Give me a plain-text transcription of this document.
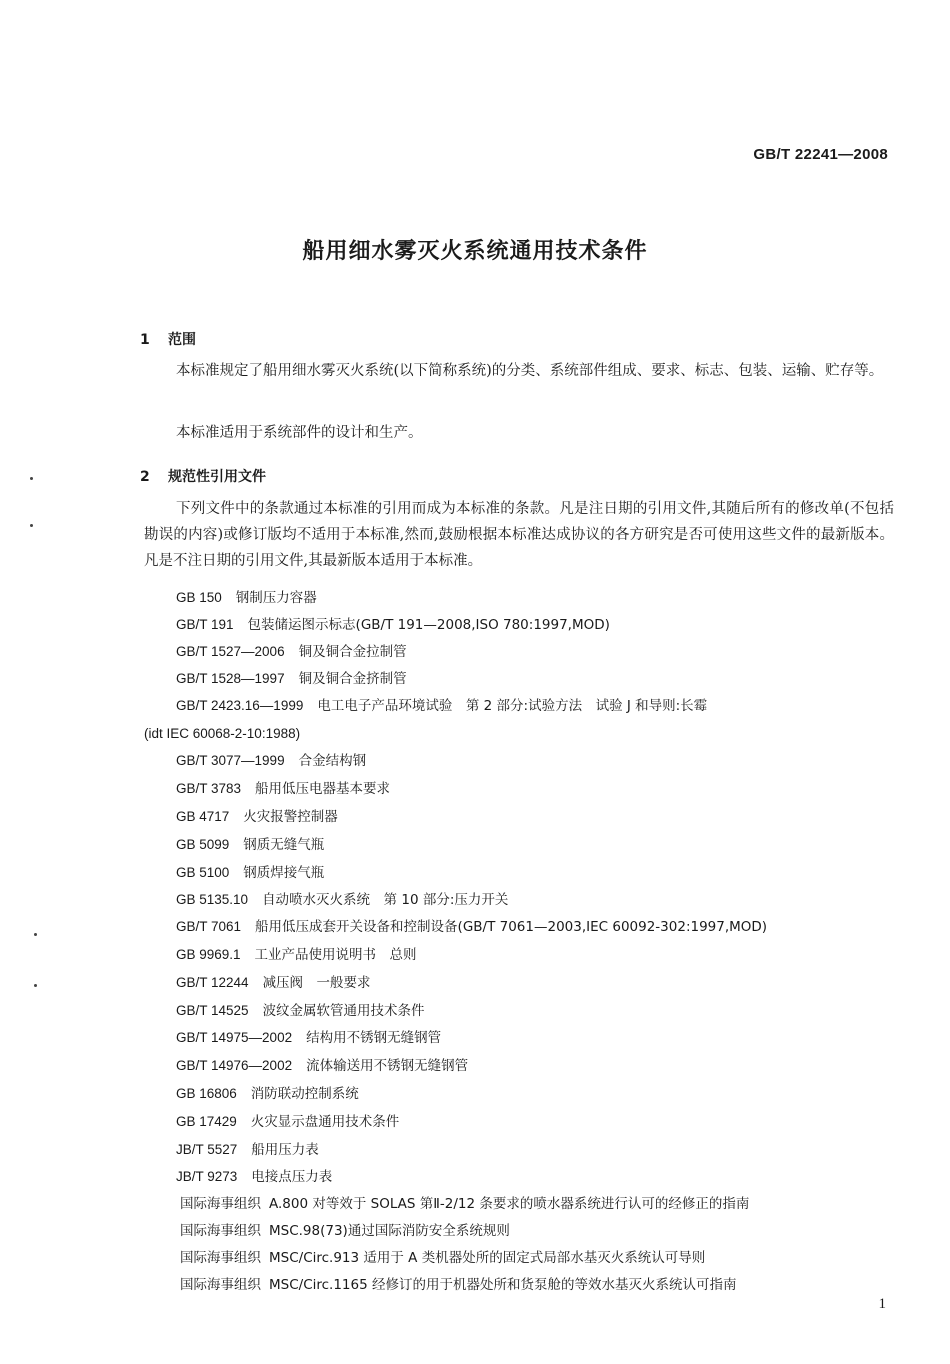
GB/T 22241—2008
船用细水雾灭火系统通用技术条件
1 范围

本标准规定了船用细水雾灭火系统(以下简称系统)的分类、系统部件组成、要求、标志、包装、运输、贮存等。

本标准适用于系统部件的设计和生产。

2 规范性引用文件

下列文件中的条款通过本标准的引用而成为本标准的条款。凡是注日期的引用文件,其随后所有的修改单(不包括勘误的内容)或修订版均不适用于本标准,然而,鼓励根据本标准达成协议的各方研究是否可使用这些文件的最新版本。凡是不注日期的引用文件,其最新版本适用于本标准。

GB 150 钢制压力容器
GB/T 191 包装储运图示标志(GB/T 191—2008,ISO 780:1997,MOD)
GB/T 1527—2006 铜及铜合金拉制管
GB/T 1528—1997 铜及铜合金挤制管
GB/T 2423.16—1999 电工电子产品环境试验　第 2 部分:试验方法　试验 J 和导则:长霉
(idt IEC 60068-2-10:1988)
GB/T 3077—1999 合金结构钢
GB/T 3783 船用低压电器基本要求
GB 4717 火灾报警控制器
GB 5099 钢质无缝气瓶
GB 5100 钢质焊接气瓶
GB 5135.10 自动喷水灭火系统　第 10 部分:压力开关
GB/T 7061 船用低压成套开关设备和控制设备(GB/T 7061—2003,IEC 60092-302:1997,MOD)
GB 9969.1 工业产品使用说明书　总则
GB/T 12244 减压阀　一般要求
GB/T 14525 波纹金属软管通用技术条件
GB/T 14975—2002 结构用不锈钢无缝钢管
GB/T 14976—2002 流体输送用不锈钢无缝钢管
GB 16806 消防联动控制系统
GB 17429 火灾显示盘通用技术条件
JB/T 5527 船用压力表
JB/T 9273 电接点压力表
国际海事组织 A.800 对等效于 SOLAS 第Ⅱ-2/12 条要求的喷水器系统进行认可的经修正的指南
国际海事组织 MSC.98(73)通过国际消防安全系统规则
国际海事组织 MSC/Circ.913 适用于 A 类机器处所的固定式局部水基灭火系统认可导则
国际海事组织 MSC/Circ.1165 经修订的用于机器处所和货泵舱的等效水基灭火系统认可指南
1
